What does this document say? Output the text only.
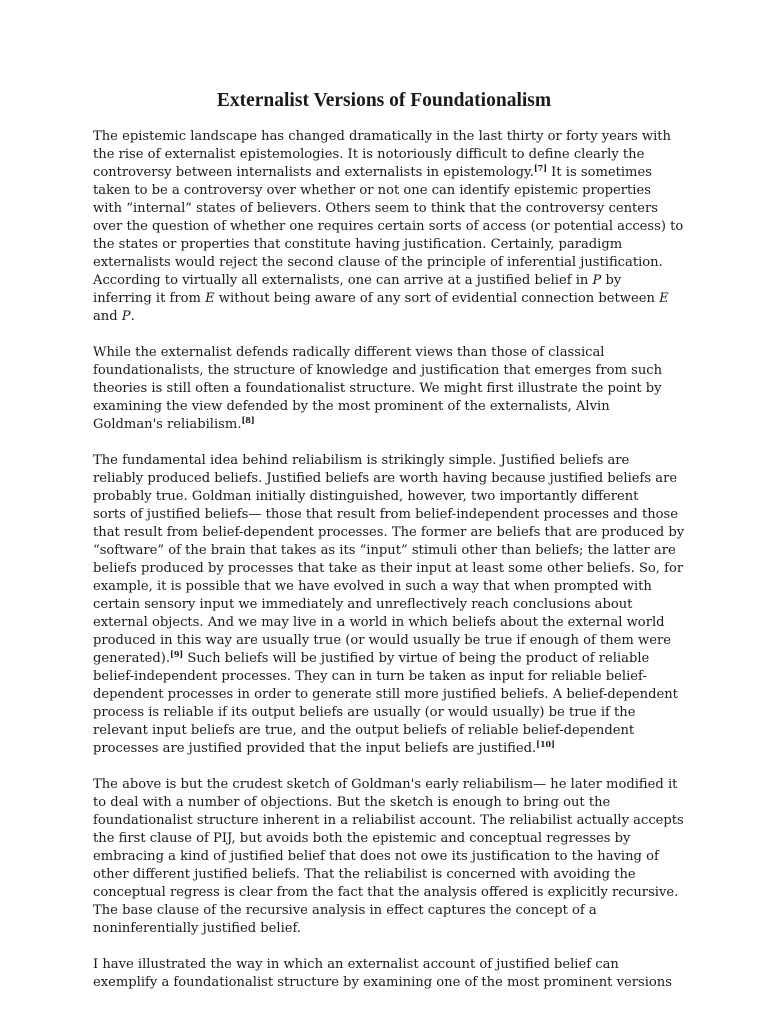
Externalist Versions of Foundationalism

The epistemic landscape has changed dramatically in the last thirty or forty years with
the rise of externalist epistemologies. It is notoriously difficult to define clearly the
controversy between internalists and externalists in epistemology.[7] It is sometimes
taken to be a controversy over whether or not one can identify epistemic properties
with “internal” states of believers. Others seem to think that the controversy centers
over the question of whether one requires certain sorts of access (or potential access) to
the states or properties that constitute having justification. Certainly, paradigm
externalists would reject the second clause of the principle of inferential justification.
According to virtually all externalists, one can arrive at a justified belief in P by
inferring it from E without being aware of any sort of evidential connection between E
and P.

While the externalist defends radically different views than those of classical
foundationalists, the structure of knowledge and justification that emerges from such
theories is still often a foundationalist structure. We might first illustrate the point by
examining the view defended by the most prominent of the externalists, Alvin
Goldman's reliabilism.[8]

The fundamental idea behind reliabilism is strikingly simple. Justified beliefs are
reliably produced beliefs. Justified beliefs are worth having because justified beliefs are
probably true. Goldman initially distinguished, however, two importantly different
sorts of justified beliefs— those that result from belief-independent processes and those
that result from belief-dependent processes. The former are beliefs that are produced by
“software” of the brain that takes as its “input” stimuli other than beliefs; the latter are
beliefs produced by processes that take as their input at least some other beliefs. So, for
example, it is possible that we have evolved in such a way that when prompted with
certain sensory input we immediately and unreflectively reach conclusions about
external objects. And we may live in a world in which beliefs about the external world
produced in this way are usually true (or would usually be true if enough of them were
generated).[9] Such beliefs will be justified by virtue of being the product of reliable
belief-independent processes. They can in turn be taken as input for reliable belief-
dependent processes in order to generate still more justified beliefs. A belief-dependent
process is reliable if its output beliefs are usually (or would usually) be true if the
relevant input beliefs are true, and the output beliefs of reliable belief-dependent
processes are justified provided that the input beliefs are justified.[10]

The above is but the crudest sketch of Goldman's early reliabilism— he later modified it
to deal with a number of objections. But the sketch is enough to bring out the
foundationalist structure inherent in a reliabilist account. The reliabilist actually accepts
the first clause of PIJ, but avoids both the epistemic and conceptual regresses by
embracing a kind of justified belief that does not owe its justification to the having of
other different justified beliefs. That the reliabilist is concerned with avoiding the
conceptual regress is clear from the fact that the analysis offered is explicitly recursive.
The base clause of the recursive analysis in effect captures the concept of a
noninferentially justified belief.

I have illustrated the way in which an externalist account of justified belief can
exemplify a foundationalist structure by examining one of the most prominent versions
